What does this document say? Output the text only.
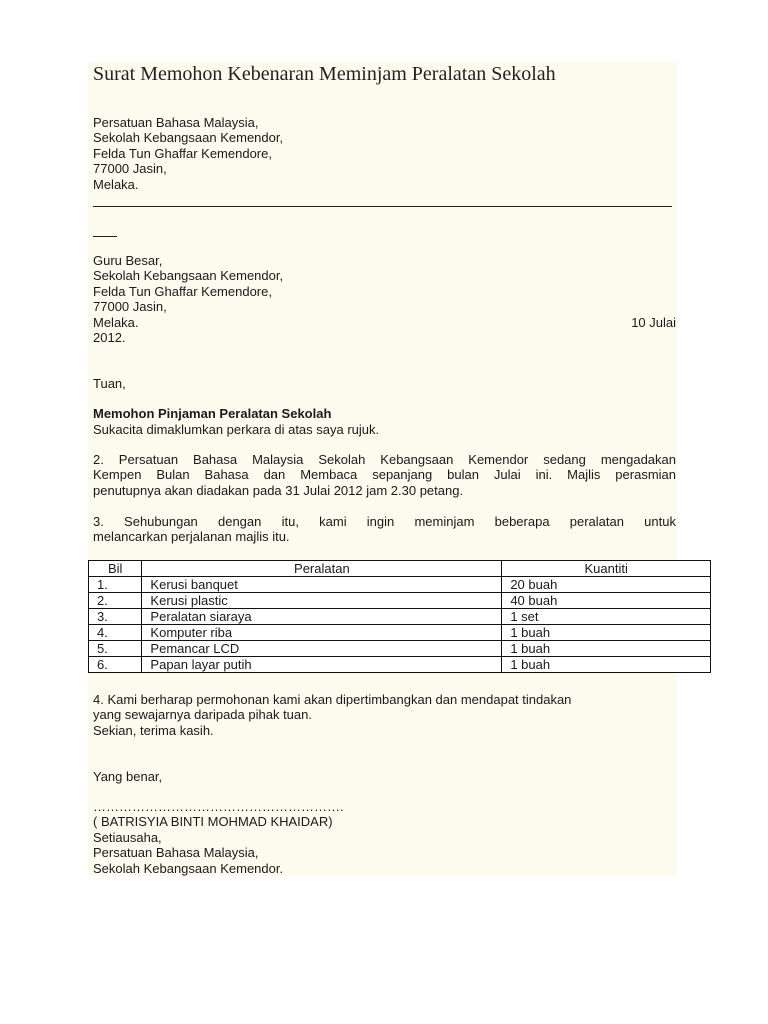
Surat Memohon Kebenaran Meminjam Peralatan Sekolah
Persatuan Bahasa Malaysia,
Sekolah Kebangsaan Kemendor,
Felda Tun Ghaffar Kemendore,
77000 Jasin,
Melaka.
Guru Besar,
Sekolah Kebangsaan Kemendor,
Felda Tun Ghaffar Kemendore,
77000 Jasin,
Melaka.
2012.
10 Julai
Tuan,
Memohon Pinjaman Peralatan Sekolah
Sukacita dimaklumkan perkara di atas saya rujuk.
2. Persatuan Bahasa Malaysia Sekolah Kebangsaan Kemendor sedang mengadakan
Kempen Bulan Bahasa dan Membaca sepanjang bulan Julai ini. Majlis perasmian
penutupnya akan diadakan pada 31 Julai 2012 jam 2.30 petang.
3. Sehubungan dengan itu, kami ingin meminjam beberapa peralatan untuk
melancarkan perjalanan majlis itu.
Bil	Peralatan	Kuantiti
1.	Kerusi banquet	20 buah
2.	Kerusi plastic	40 buah
3.	Peralatan siaraya	1 set
4.	Komputer riba	1 buah
5.	Pemancar LCD	1 buah
6.	Papan layar putih	1 buah
4. Kami berharap permohonan kami akan dipertimbangkan dan mendapat tindakan
yang sewajarnya daripada pihak tuan.
Sekian, terima kasih.
Yang benar,
………………………………………………….
( BATRISYIA BINTI MOHMAD KHAIDAR)
Setiausaha,
Persatuan Bahasa Malaysia,
Sekolah Kebangsaan Kemendor.
